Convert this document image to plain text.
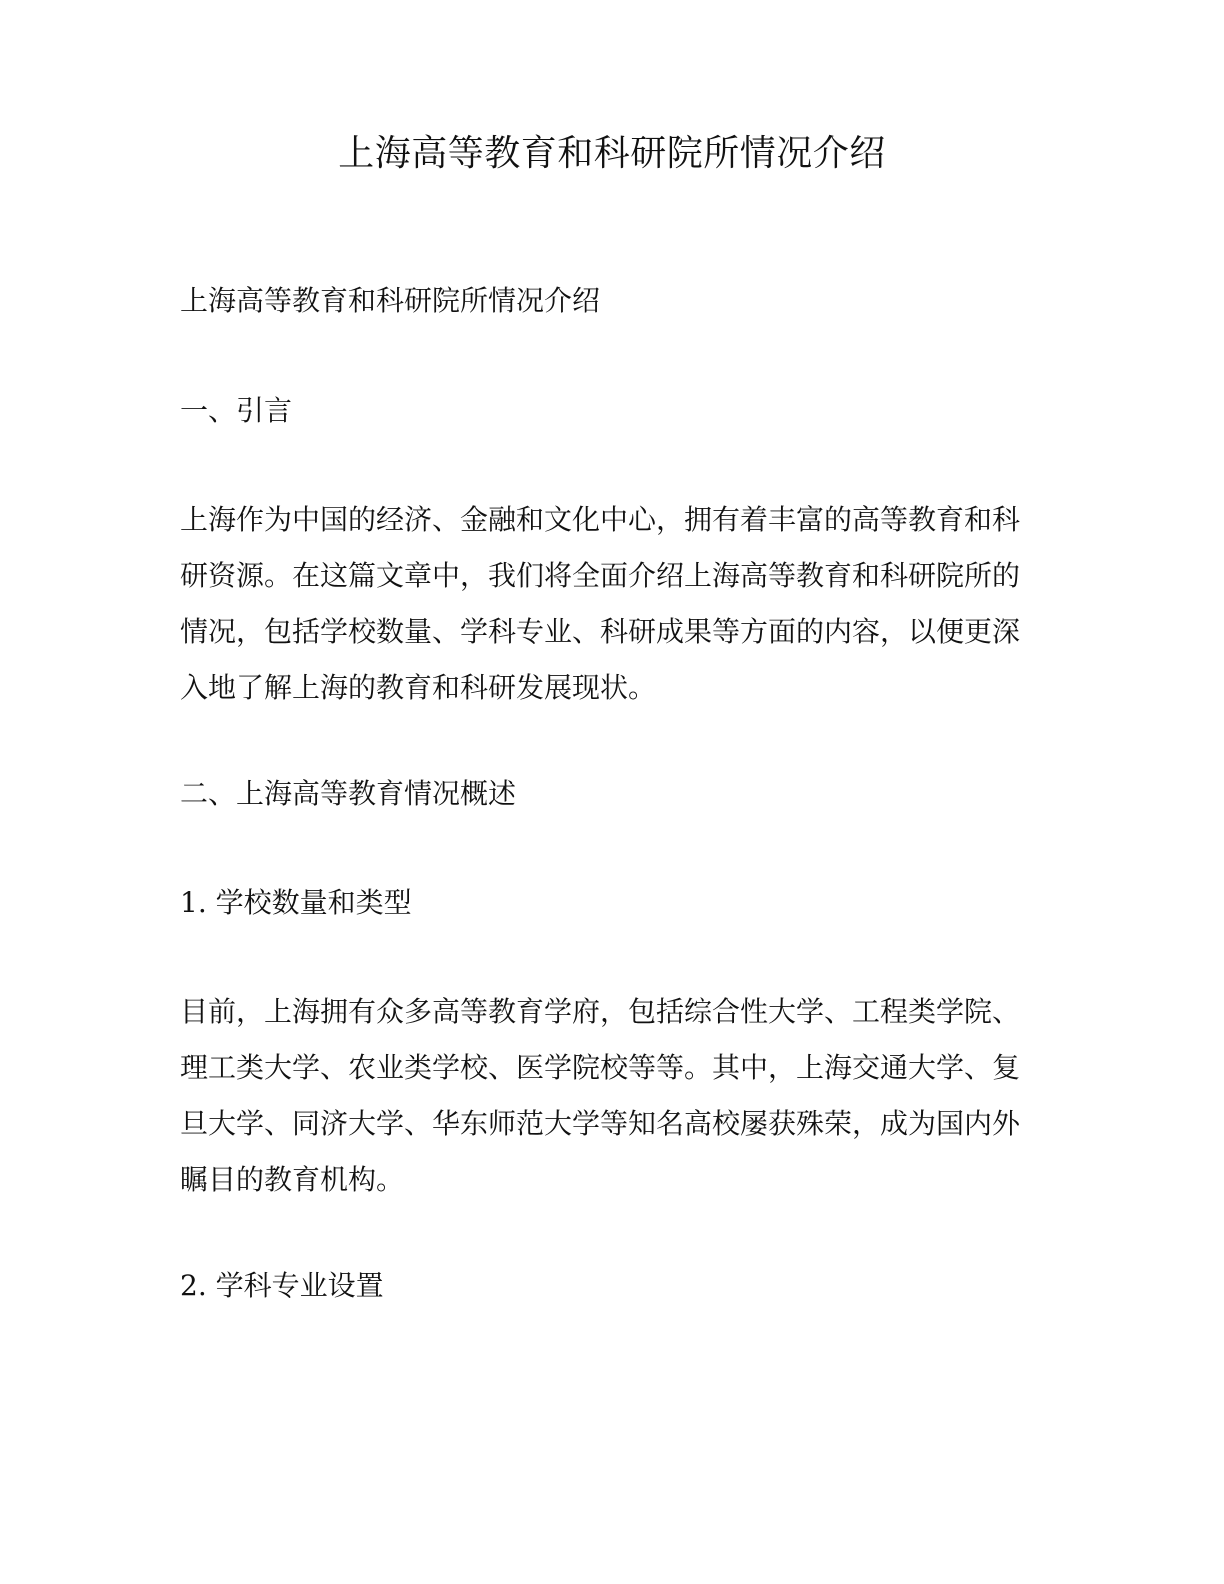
上海高等教育和科研院所情况介绍

上海高等教育和科研院所情况介绍

一、引言

上海作为中国的经济、金融和文化中心，拥有着丰富的高等教育和科
研资源。在这篇文章中，我们将全面介绍上海高等教育和科研院所的
情况，包括学校数量、学科专业、科研成果等方面的内容，以便更深
入地了解上海的教育和科研发展现状。

二、上海高等教育情况概述

1. 学校数量和类型

目前，上海拥有众多高等教育学府，包括综合性大学、工程类学院、
理工类大学、农业类学校、医学院校等等。其中，上海交通大学、复
旦大学、同济大学、华东师范大学等知名高校屡获殊荣，成为国内外
瞩目的教育机构。

2. 学科专业设置
